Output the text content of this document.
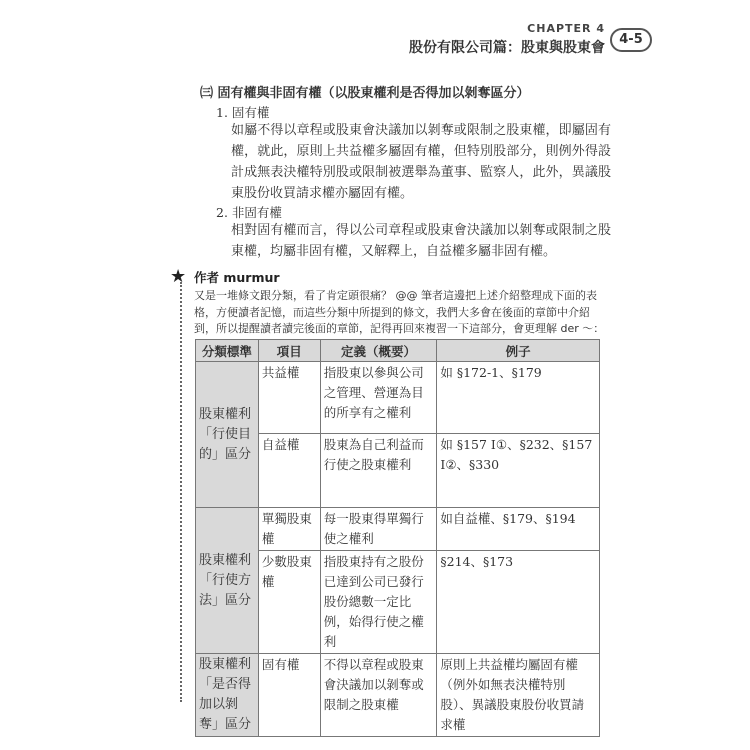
CHAPTER 4
股份有限公司篇：股東與股東會
4-5
㈢ 固有權與非固有權（以股東權利是否得加以剝奪區分）
1. 固有權
如屬不得以章程或股東會決議加以剝奪或限制之股東權，即屬固有權，就此，原則上共益權多屬固有權，但特別股部分，則例外得設計成無表決權特別股或限制被選舉為董事、監察人，此外，異議股東股份收買請求權亦屬固有權。
2. 非固有權
相對固有權而言，得以公司章程或股東會決議加以剝奪或限制之股東權，均屬非固有權，又解釋上，自益權多屬非固有權。
★ 作者 murmur
又是一堆條文跟分類，看了肯定頭很痛？ @@ 筆者這邊把上述介紹整理成下面的表格，方便讀者記憶，而這些分類中所提到的條文，我們大多會在後面的章節中介紹到，所以提醒讀者讀完後面的章節，記得再回來複習一下這部分，會更理解 der ～：
分類標準	項目	定義（概要）	例子
股東權利「行使目的」區分	共益權	指股東以參與公司之管理、營運為目的所享有之權利	如 §172-1、§179
	自益權	股東為自己利益而行使之股東權利	如 §157 Ⅰ①、§232、§157 Ⅰ②、§330
股東權利「行使方法」區分	單獨股東權	每一股東得單獨行使之權利	如自益權、§179、§194
	少數股東權	指股東持有之股份已達到公司已發行股份總數一定比例，始得行使之權利	§214、§173
股東權利「是否得加以剝奪」區分	固有權	不得以章程或股東會決議加以剝奪或限制之股東權	原則上共益權均屬固有權（例外如無表決權特別股）、異議股東股份收買請求權
